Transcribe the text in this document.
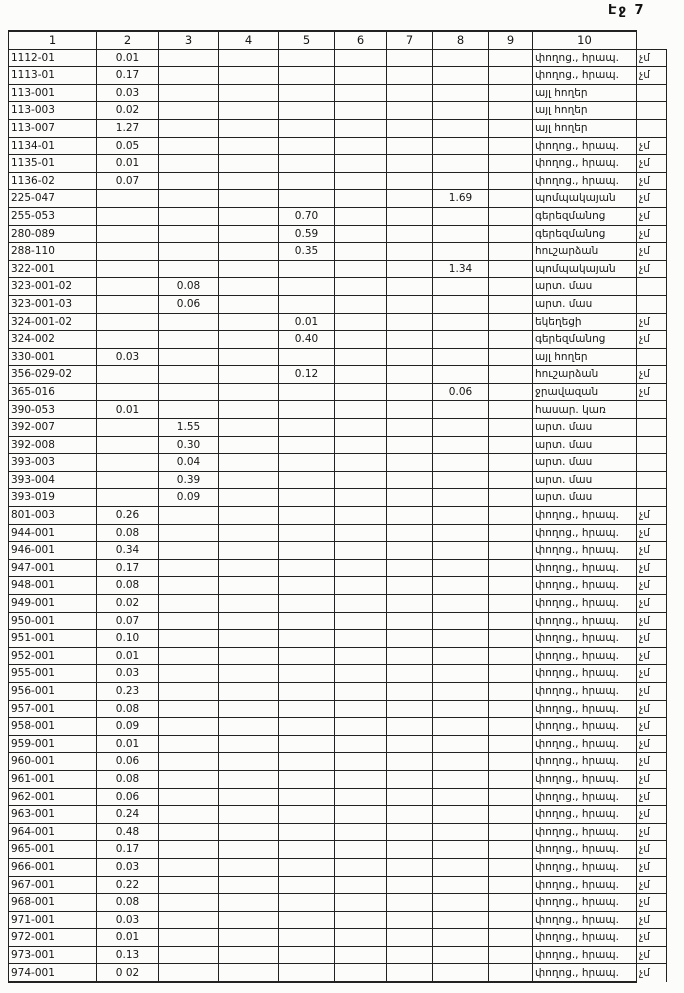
Էջ 7
1	2	3	4	5	6	7	8	9	10	
1112-01	0.01								փողոց., հրապ.	չմ
1113-01	0.17								փողոց., հրապ.	չմ
113-001	0.03								այլ հողեր	
113-003	0.02								այլ հողեր	
113-007	1.27								այլ հողեր	
1134-01	0.05								փողոց., հրապ.	չմ
1135-01	0.01								փողոց., հրապ.	չմ
1136-02	0.07								փողոց., հրապ.	չմ
225-047							1.69		պոմպակայան	չմ
255-053				0.70					գերեզմանոց	չմ
280-089				0.59					գերեզմանոց	չմ
288-110				0.35					հուշարձան	չմ
322-001							1.34		պոմպակայան	չմ
323-001-02		0.08							արտ. մաս	
323-001-03		0.06							արտ. մաս	
324-001-02				0.01					եկեղեցի	չմ
324-002				0.40					գերեզմանոց	չմ
330-001	0.03								այլ հողեր	
356-029-02				0.12					հուշարձան	չմ
365-016							0.06		ջրավազան	չմ
390-053	0.01								հասար. կառ	
392-007		1.55							արտ. մաս	
392-008		0.30							արտ. մաս	
393-003		0.04							արտ. մաս	
393-004		0.39							արտ. մաս	
393-019		0.09							արտ. մաս	
801-003	0.26								փողոց., հրապ.	չմ
944-001	0.08								փողոց., հրապ.	չմ
946-001	0.34								փողոց., հրապ.	չմ
947-001	0.17								փողոց., հրապ.	չմ
948-001	0.08								փողոց., հրապ.	չմ
949-001	0.02								փողոց., հրապ.	չմ
950-001	0.07								փողոց., հրապ.	չմ
951-001	0.10								փողոց., հրապ.	չմ
952-001	0.01								փողոց., հրապ.	չմ
955-001	0.03								փողոց., հրապ.	չմ
956-001	0.23								փողոց., հրապ.	չմ
957-001	0.08								փողոց., հրապ.	չմ
958-001	0.09								փողոց., հրապ.	չմ
959-001	0.01								փողոց., հրապ.	չմ
960-001	0.06								փողոց., հրապ.	չմ
961-001	0.08								փողոց., հրապ.	չմ
962-001	0.06								փողոց., հրապ.	չմ
963-001	0.24								փողոց., հրապ.	չմ
964-001	0.48								փողոց., հրապ.	չմ
965-001	0.17								փողոց., հրապ.	չմ
966-001	0.03								փողոց., հրապ.	չմ
967-001	0.22								փողոց., հրապ.	չմ
968-001	0.08								փողոց., հրապ.	չմ
971-001	0.03								փողոց., հրապ.	չմ
972-001	0.01								փողոց., հրապ.	չմ
973-001	0.13								փողոց., հրապ.	չմ
974-001	0 02								փողոց., հրապ.	չմ
